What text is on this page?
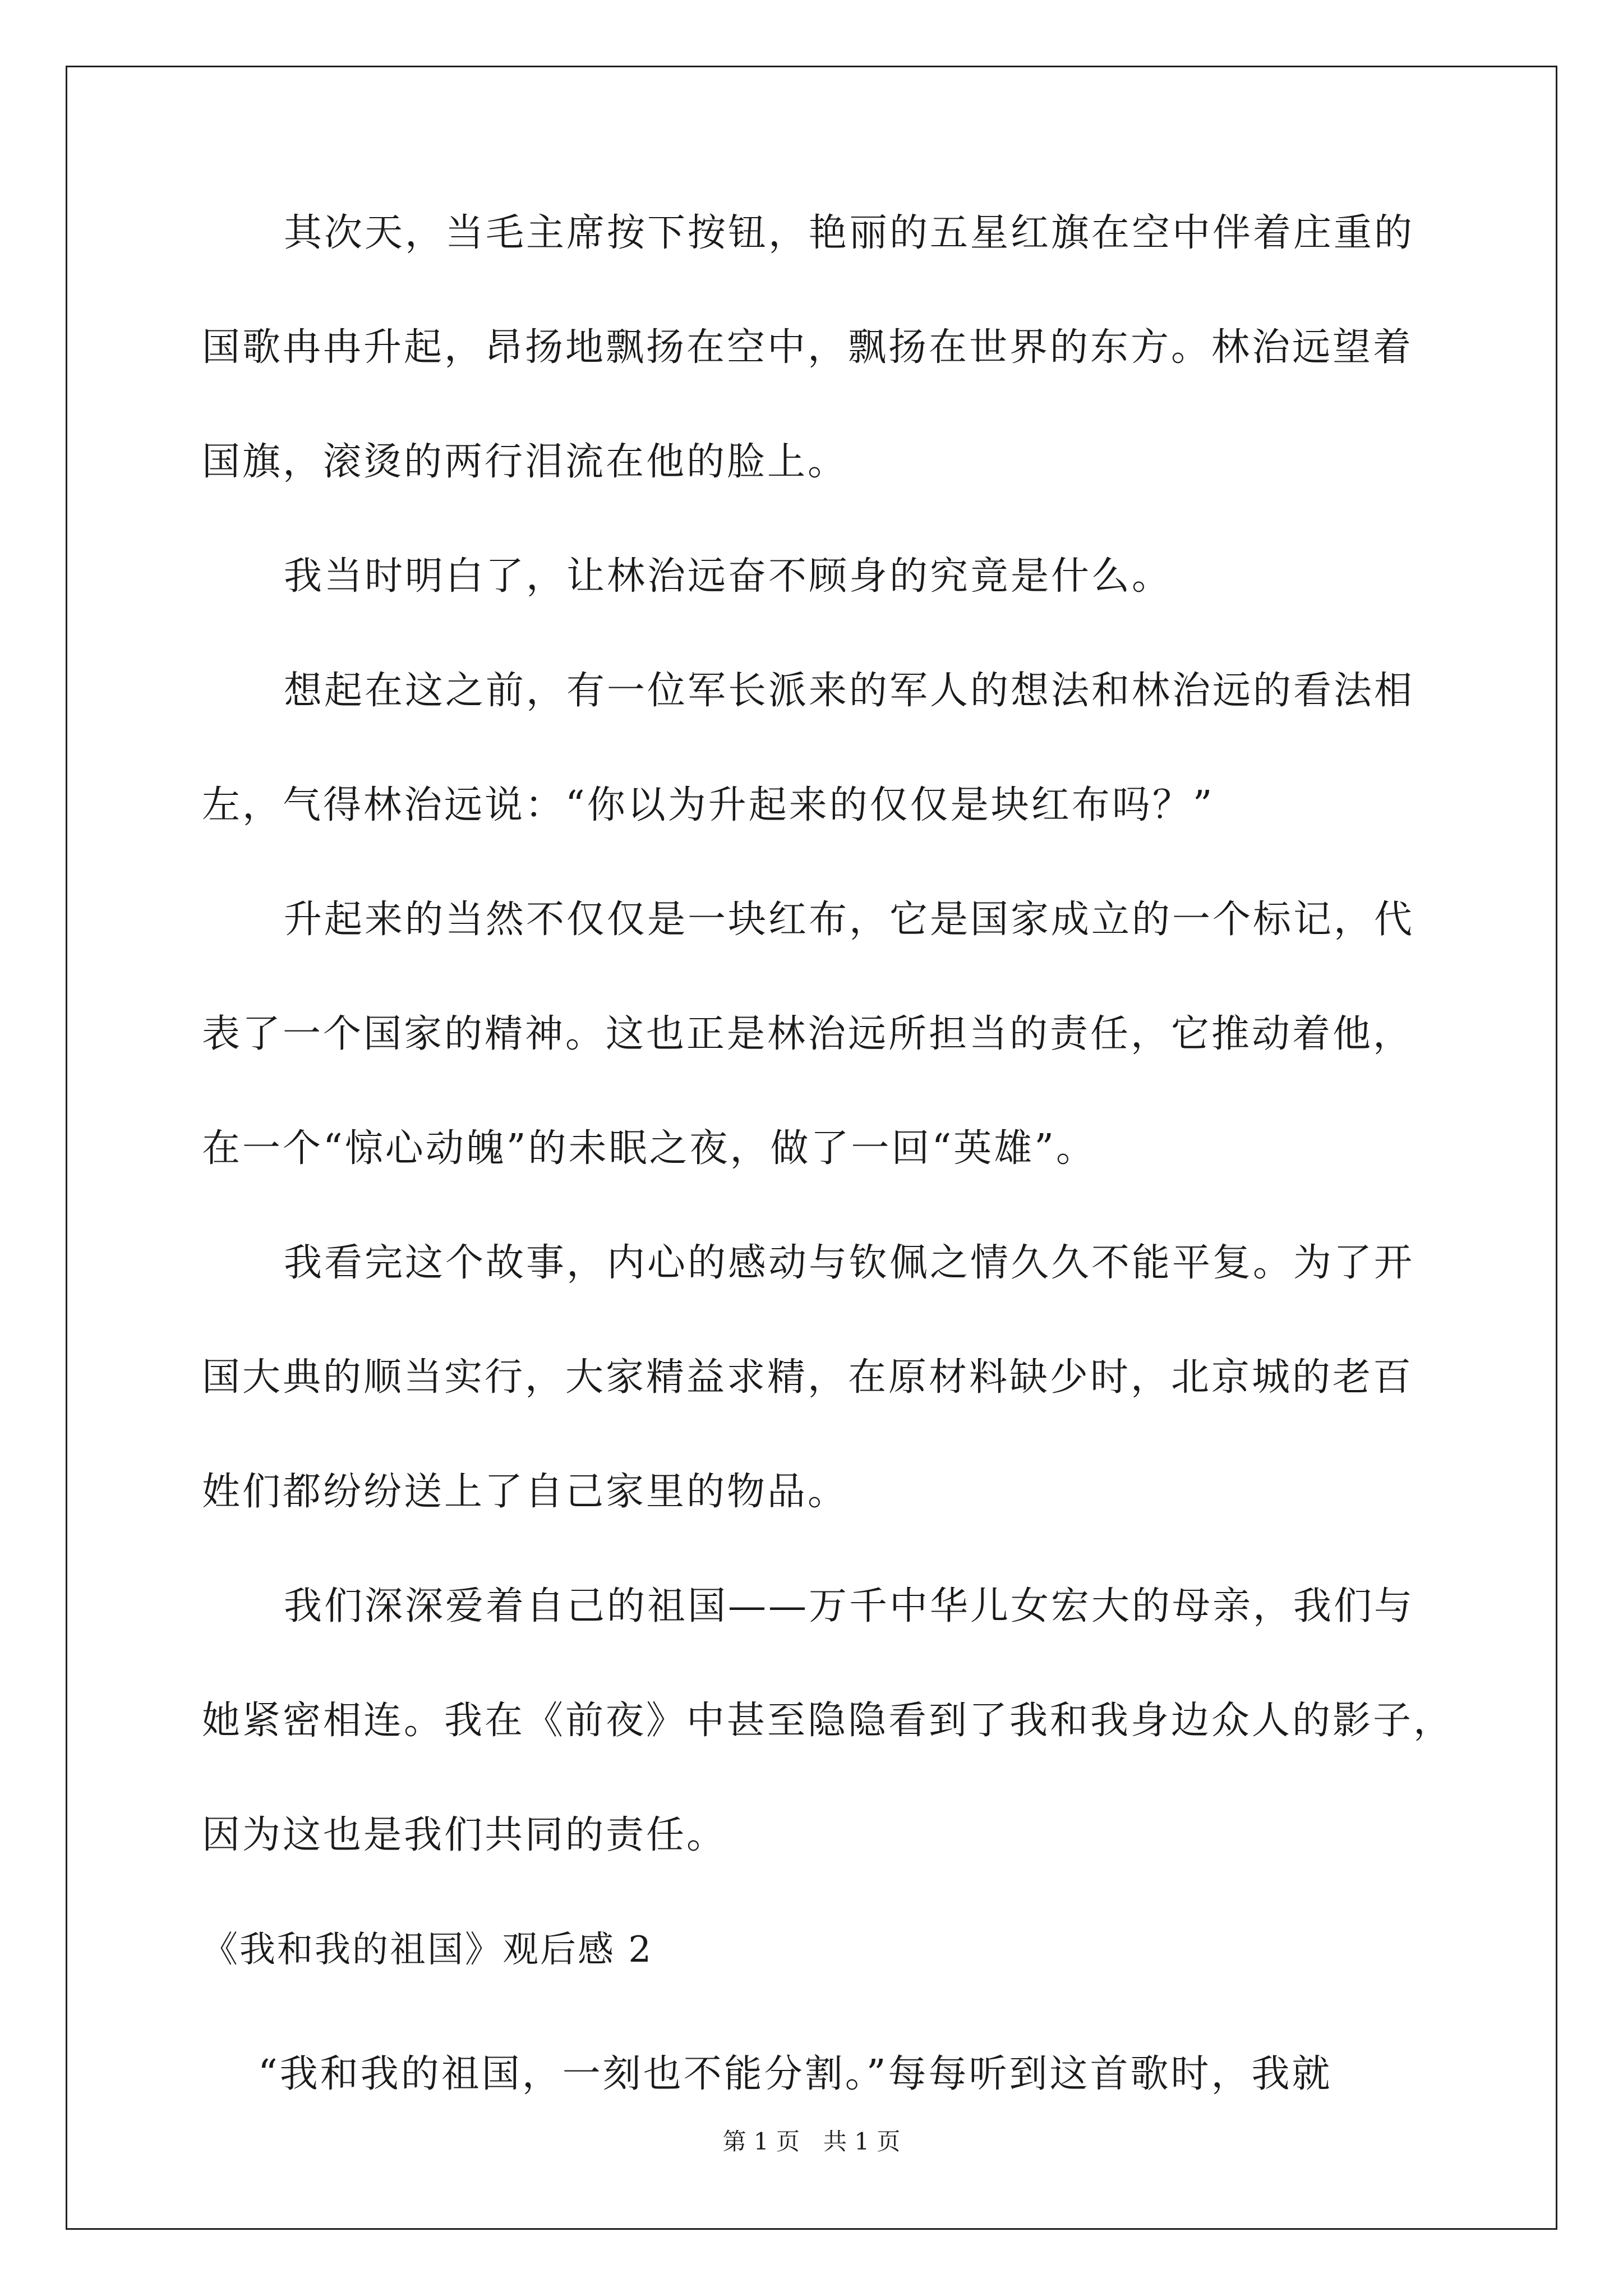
其次天，当毛主席按下按钮，艳丽的五星红旗在空中伴着庄重的
国歌冉冉升起，昂扬地飘扬在空中，飘扬在世界的东方。林治远望着
国旗，滚烫的两行泪流在他的脸上。
我当时明白了，让林治远奋不顾身的究竟是什么。
想起在这之前，有一位军长派来的军人的想法和林治远的看法相
左，气得林治远说：“你以为升起来的仅仅是块红布吗？”
升起来的当然不仅仅是一块红布，它是国家成立的一个标记，代
表了一个国家的精神。这也正是林治远所担当的责任，它推动着他，
在一个“惊心动魄”的未眠之夜，做了一回“英雄”。
我看完这个故事，内心的感动与钦佩之情久久不能平复。为了开
国大典的顺当实行，大家精益求精，在原材料缺少时，北京城的老百
姓们都纷纷送上了自己家里的物品。
我们深深爱着自己的祖国——万千中华儿女宏大的母亲，我们与
她紧密相连。我在《前夜》中甚至隐隐看到了我和我身边众人的影子，
因为这也是我们共同的责任。
《我和我的祖国》观后感 2
“我和我的祖国，一刻也不能分割。”每每听到这首歌时，我就
第 1 页　共 1 页
